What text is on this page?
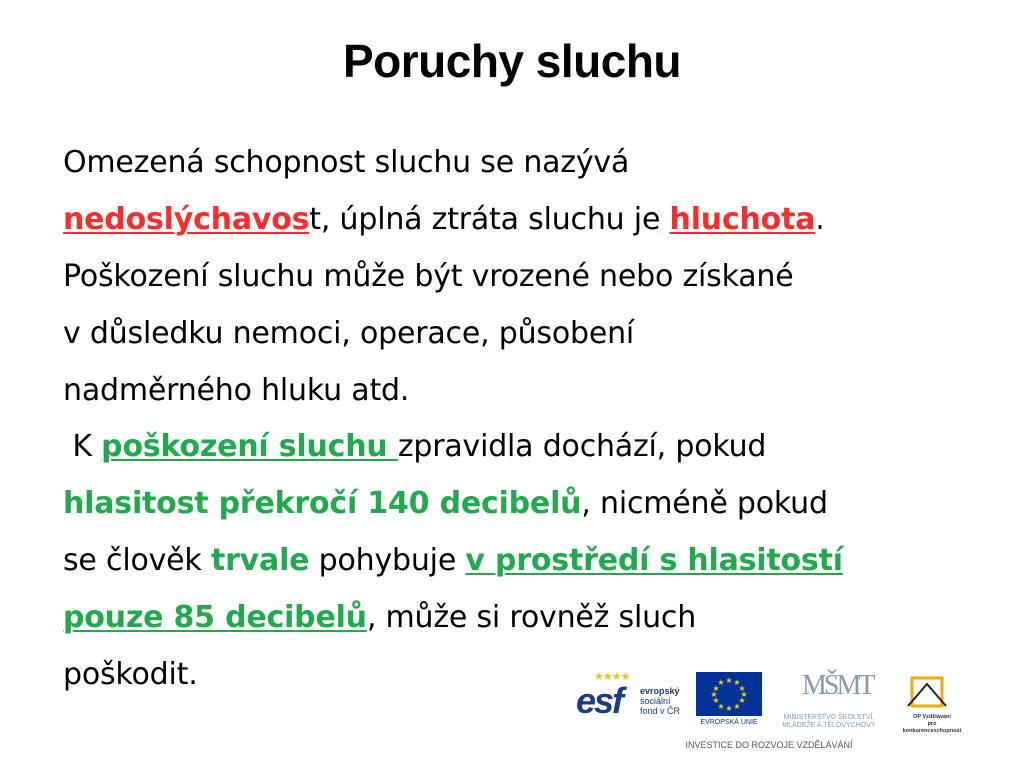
Poruchy sluchu
Omezená schopnost sluchu se nazývá
nedoslýchavost, úplná ztráta sluchu je hluchota.
Poškození sluchu může být vrozené nebo získané
v důsledku nemoci, operace, působení
nadměrného hluku atd.
K poškození sluchu zpravidla dochází, pokud
hlasitost překročí 140 decibelů, nicméně pokud
se člověk trvale pohybuje v prostředí s hlasitostí
pouze 85 decibelů, může si rovněž sluch
poškodit.	★★★★
esf evropský
sociální
fond v ČR
★ ★
★
★
★
★
★
★
★
★
★
★
EVROPSKÁ UNIE
MŠMT
MINISTERSTVO ŠKOLSTVÍ,
MLÁDEŽE A TĚLOVÝCHOVY
OP Vzdělávání
pro konkurenceschopnost
INVESTICE DO ROZVOJE VZDĚLÁVÁNÍ
